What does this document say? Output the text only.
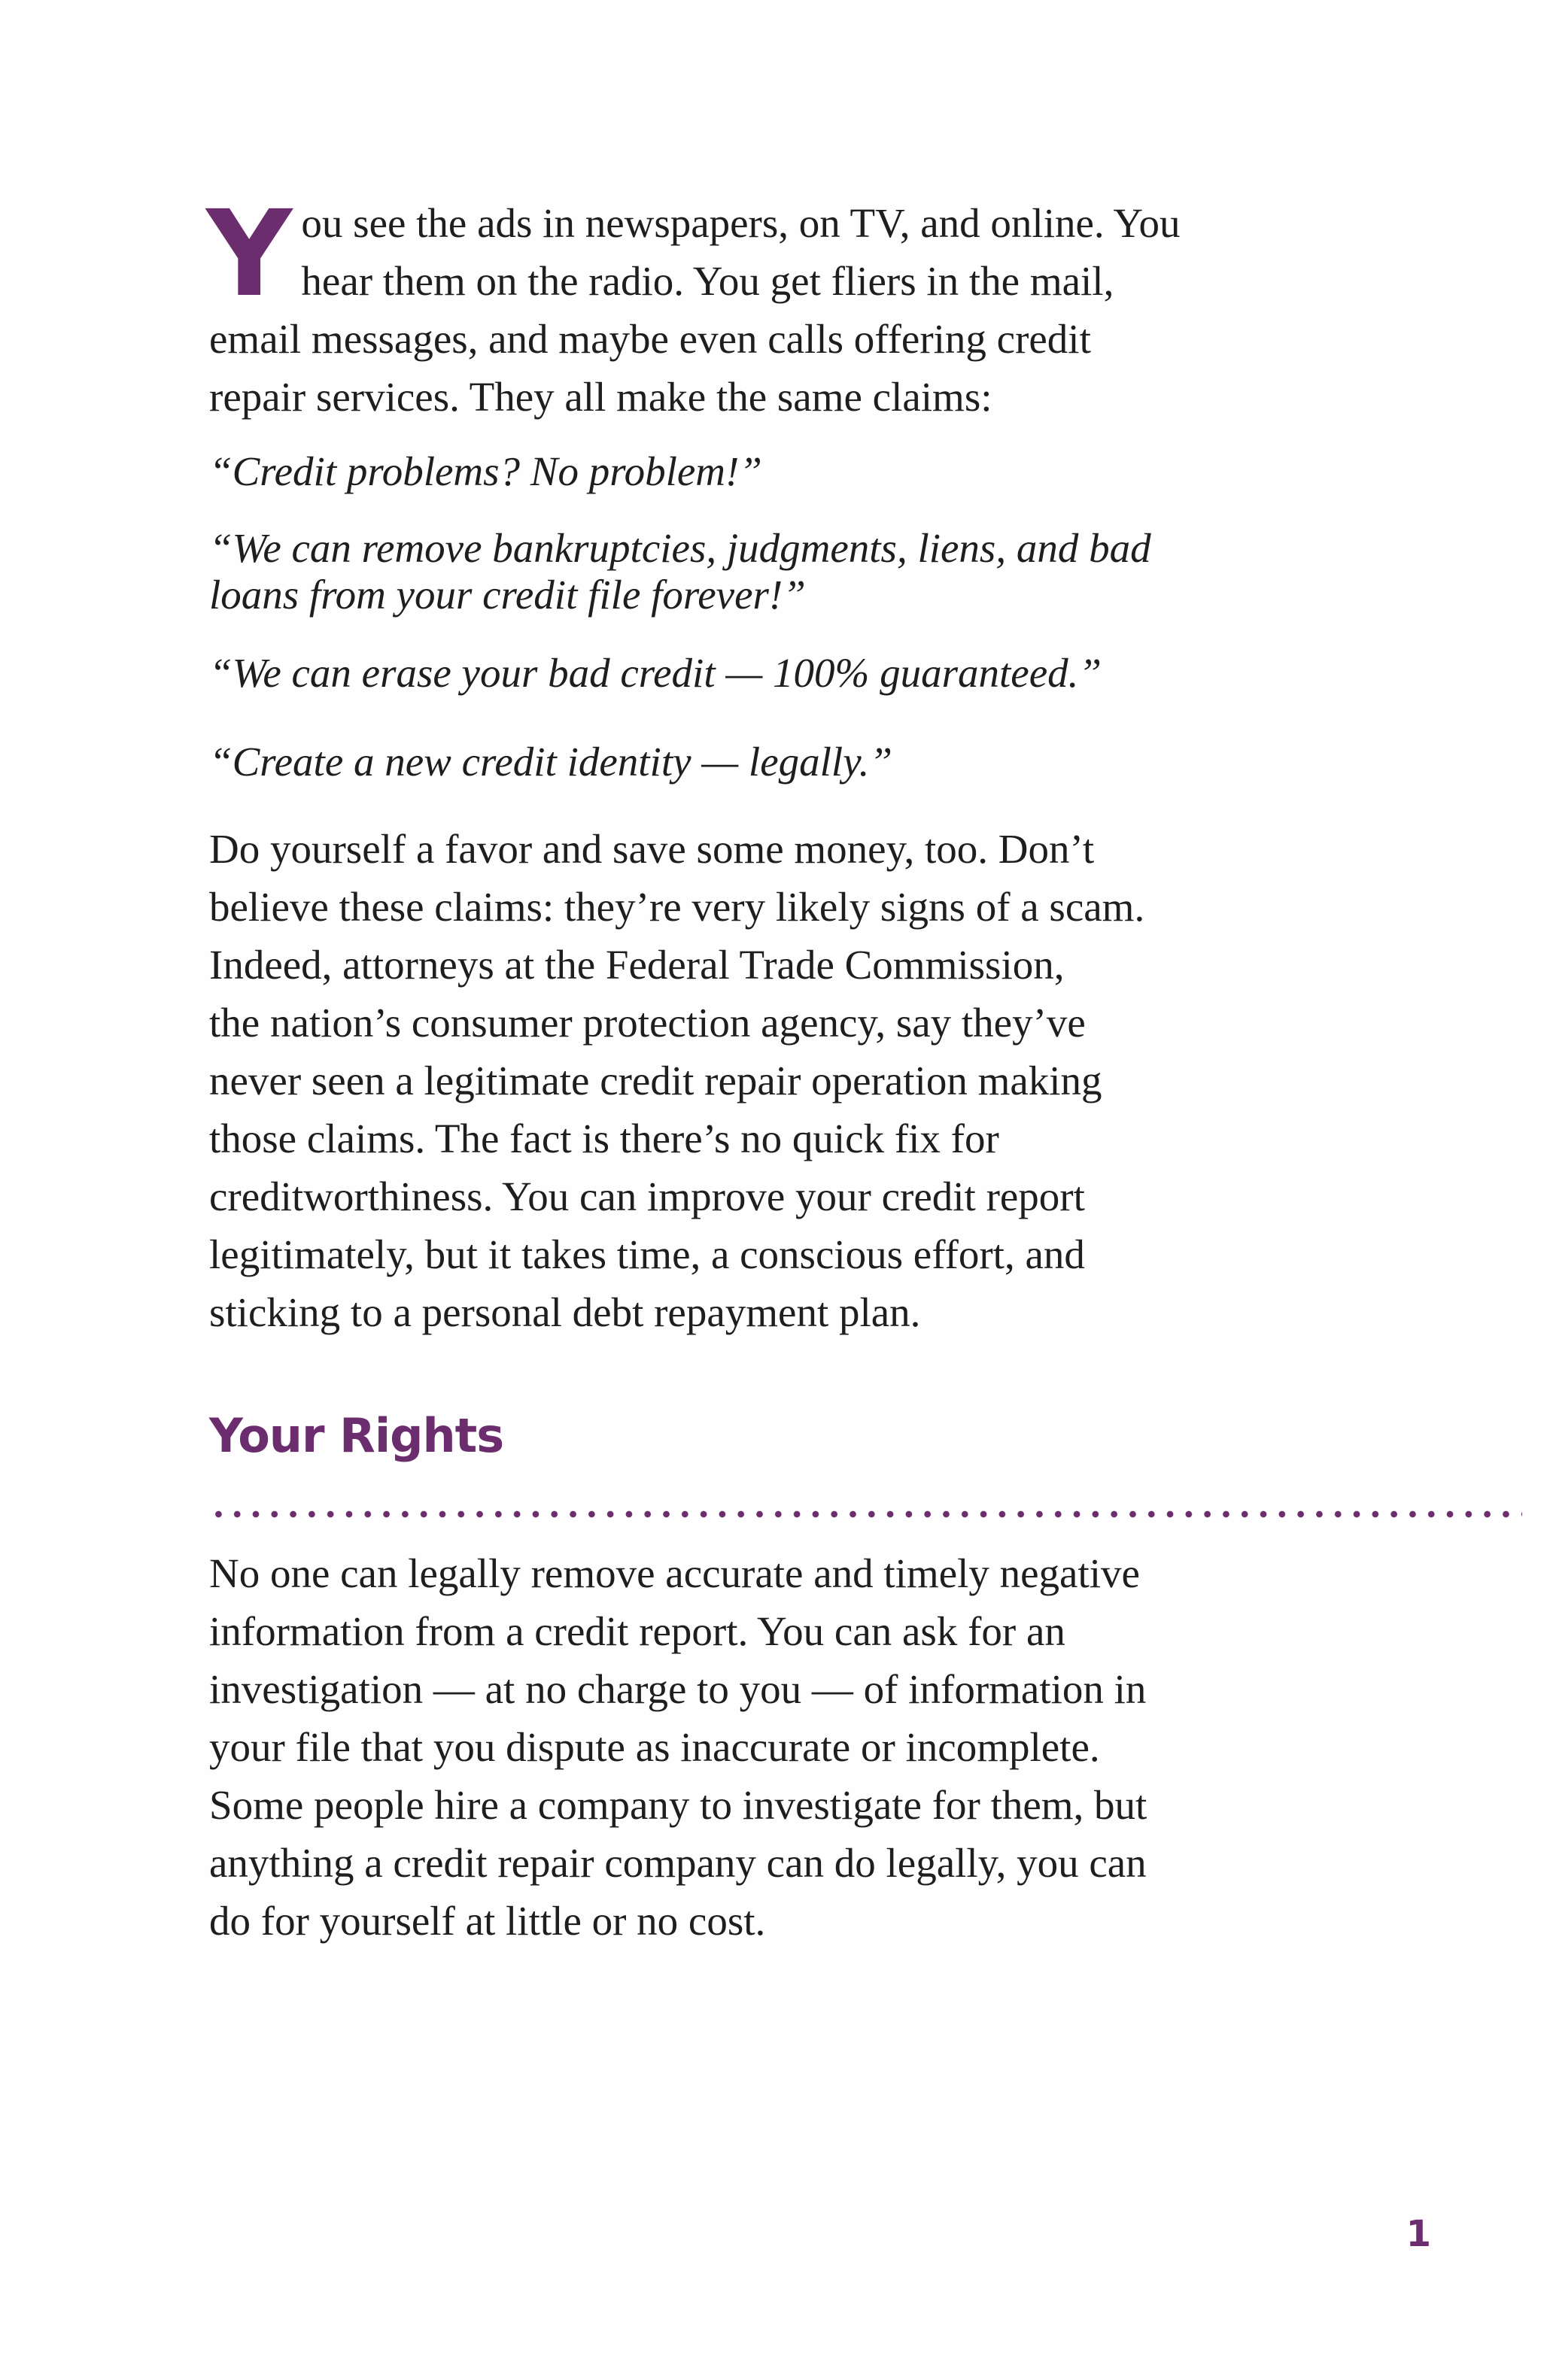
Y ou see the ads in newspapers, on TV, and online. You
hear them on the radio. You get fliers in the mail,
email messages, and maybe even calls offering credit
repair services. They all make the same claims:

“Credit problems? No problem!”

“We can remove bankruptcies, judgments, liens, and bad
loans from your credit file forever!”

“We can erase your bad credit — 100% guaranteed.”

“Create a new credit identity — legally.”

Do yourself a favor and save some money, too. Don’t
believe these claims: they’re very likely signs of a scam.
Indeed, attorneys at the Federal Trade Commission,
the nation’s consumer protection agency, say they’ve
never seen a legitimate credit repair operation making
those claims. The fact is there’s no quick fix for
creditworthiness. You can improve your credit report
legitimately, but it takes time, a conscious effort, and
sticking to a personal debt repayment plan.

Your Rights

No one can legally remove accurate and timely negative
information from a credit report. You can ask for an
investigation — at no charge to you — of information in
your file that you dispute as inaccurate or incomplete.
Some people hire a company to investigate for them, but
anything a credit repair company can do legally, you can
do for yourself at little or no cost.

1
